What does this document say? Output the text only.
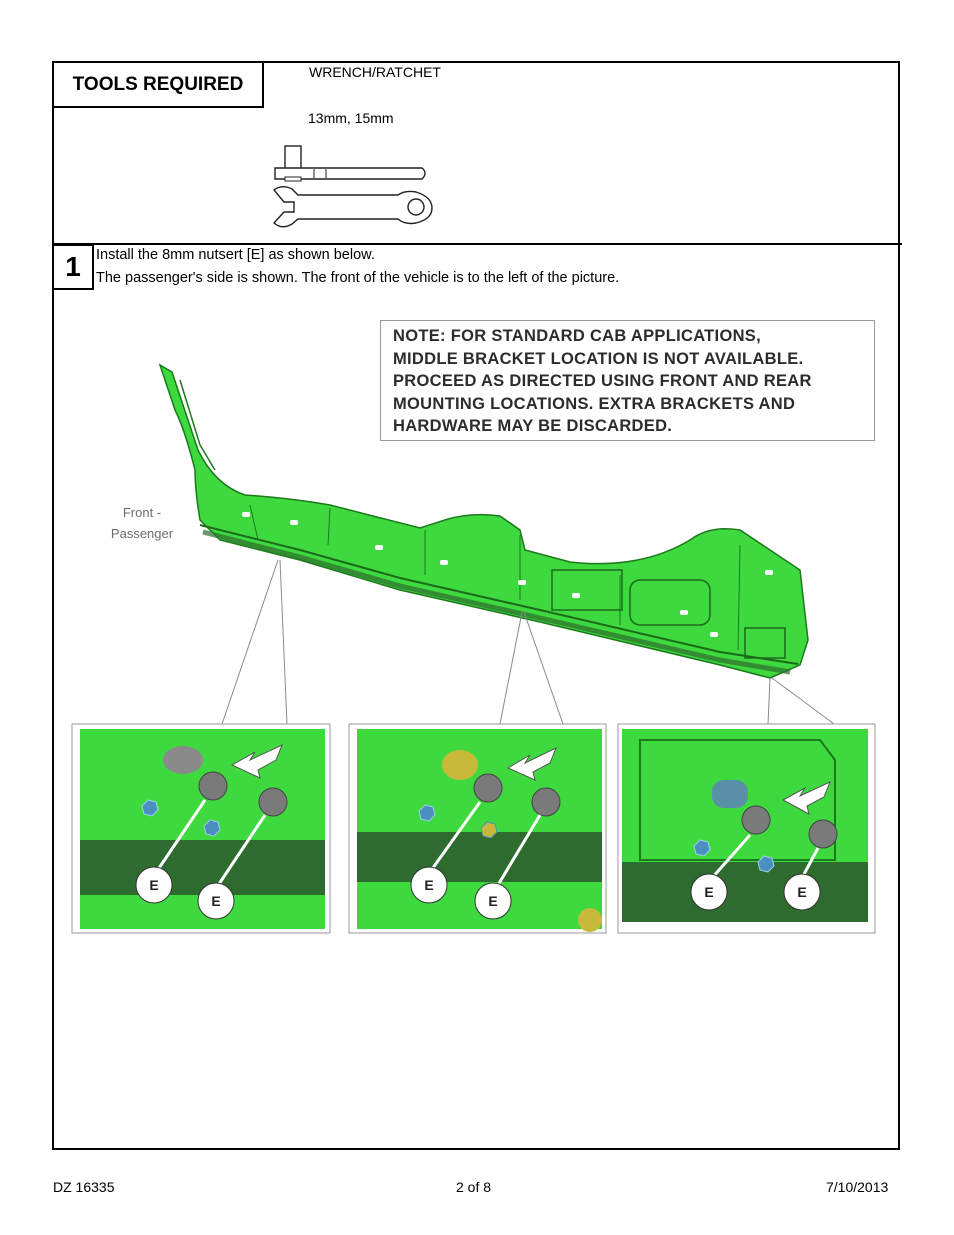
TOOLS REQUIRED
WRENCH/RATCHET
13mm, 15mm
1 Install the 8mm nutsert [E] as shown below.
The passenger's side is shown. The front of the vehicle is to the left of the picture.
E
E
E
E
E	E
NOTE: FOR STANDARD CAB APPLICATIONS,
MIDDLE BRACKET LOCATION IS NOT AVAILABLE.
PROCEED AS DIRECTED USING FRONT AND REAR
MOUNTING LOCATIONS. EXTRA BRACKETS AND
HARDWARE MAY BE DISCARDED.
Front -
Passenger
DZ 16335	2 of 8	7/10/2013
